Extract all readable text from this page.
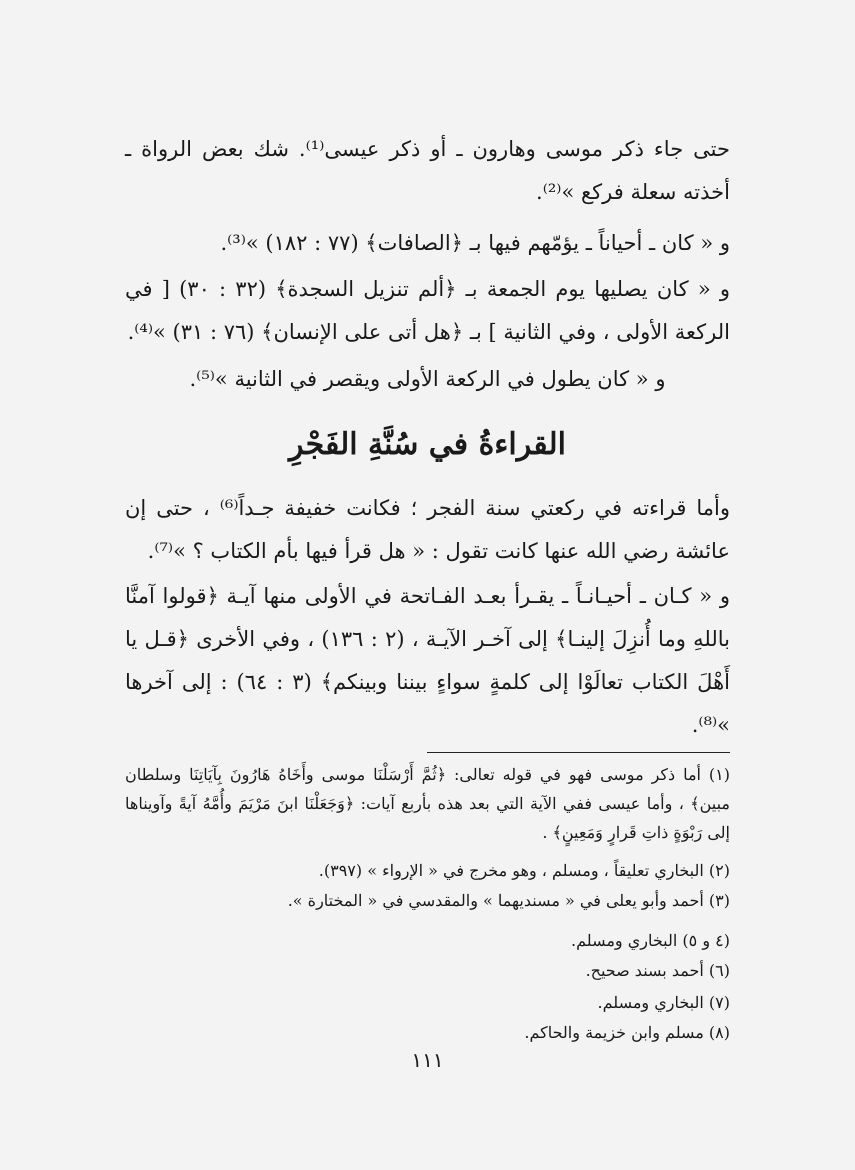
حتى جاء ذكر موسى وهارون ـ أو ذكر عيسى⁽¹⁾. شك بعض الرواة ـ أخذته سعلة فركع »⁽²⁾.

و « كان ـ أحياناً ـ يؤمّهم فيها بـ ﴿الصافات﴾ (٧٧ : ١٨٢) »⁽³⁾.

و « كان يصليها يوم الجمعة بـ ﴿ألم تنزيل السجدة﴾ (٣٢ : ٣٠) [ في الركعة الأولى ، وفي الثانية ] بـ ﴿هل أتى على الإنسان﴾ (٧٦ : ٣١) »⁽⁴⁾.

و « كان يطول في الركعة الأولى ويقصر في الثانية »⁽⁵⁾.

القراءةُ في سُنَّةِ الفَجْرِ

وأما قراءته في ركعتي سنة الفجر ؛ فكانت خفيفة جـداً⁽⁶⁾ ، حتى إن عائشة رضي الله عنها كانت تقول : « هل قرأ فيها بأم الكتاب ؟ »⁽⁷⁾.

و « كـان ـ أحيـانـاً ـ يقـرأ بعـد الفـاتحة في الأولى منها آيـة ﴿قولوا آمنَّا باللهِ وما أُنزِلَ إلينـا﴾ إلى آخـر الآيـة ، (٢ : ١٣٦) ، وفي الأخرى ﴿قـل يا أَهْلَ الكتاب تعالَوْا إلى كلمةٍ سواءٍ بيننا وبينكم﴾ (٣ : ٦٤) : إلى آخرها »⁽⁸⁾.

(١) أما ذكر موسى فهو في قوله تعالى: ﴿ثُمَّ أَرْسَلْنَا موسى وأَخَاهُ هَارُونَ بِآيَاتِنَا وسلطان مبين﴾ ، وأما عيسى ففي الآية التي بعد هذه بأربع آيات: ﴿وَجَعَلْنَا ابنَ مَرْيَمَ وأُمَّهُ آيةً وآويناها إلى رَبْوَةٍ ذاتِ قَرارٍ وَمَعِينٍ﴾ .
(٢) البخاري تعليقاً ، ومسلم ، وهو مخرج في « الإرواء » (٣٩٧).
(٣) أحمد وأبو يعلى في « مسنديهما » والمقدسي في « المختارة ».
(٤ و ٥) البخاري ومسلم.
(٦) أحمد بسند صحيح.
(٧) البخاري ومسلم.
(٨) مسلم وابن خزيمة والحاكم.
١١١
